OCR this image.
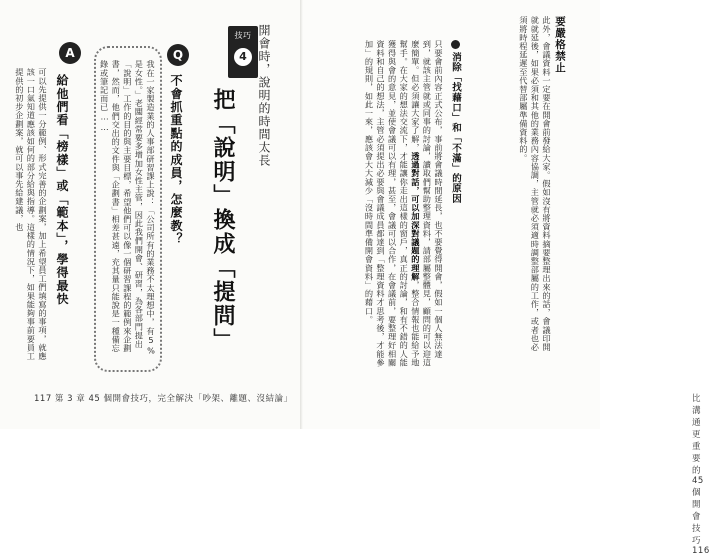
要嚴格禁止
此外，會議資料一定要在開會前發給大家。假如沒有將資料摘要整理出來的話，會議印開就就延後，如果必須和其他的業務內容協調，主管就必須適時調整部屬的工作，或者也必須將時程延遲至代替部屬準備資料的。
消除「找藉口」和「不滿」的原因
只要會前內容正式公布，事前將會議時間延長，也不要覺得開會，假如一個人無法達到，就該主管就或同事的討論，讀取們幫助整理資料，請部屬整體見，顧問的可以迎這麼簡單。但必須讓大家了解，透過對話，可以加深對議題的理解，整合情報也能給予地幫手。在大家的想法交流下，才能讓你走出這樣的窗戶，真正的討論，和有不錯的人能獲得與會的意見，並使會議可以有理，甚至，會議可以合作，在會議前，要整理好相關資料和自己的想法，主管必須提出必要與會議成員都達到「整理資料才思考後，才能參加」的規則，如此一來，應該會大大減少「沒時間準備開會資料」的藉口。
比溝通更重要的 45 個開會技巧 116
技巧
4 開會時，說明的時間太長
把「說明」換成「提問」
Q
不會抓重點的成員，怎麼教？
我在一家製造業的人事部研習課上說：「公司所有的業務不太理想中，有5%是女性。」老闆經常要多增加女性主管，因此我們開會、研習，為各部門提出「說明」工作的目的與主要目標，希望他們可以像一個研習課程的範例來企劃書，然而，他們交出的文件與「企劃書」相差甚遠，充其量只能說是一種備忘錄或筆記而已……
A
給他們看「榜樣」或「範本」，學得最快
可以先提供一分範例、形式完善的企劃案，加上希望員工們填寫的事項，就應該一口氣知道應該如何的部分給與指導。這樣的情況下，如果能夠事前要員工提供的初步企劃案，就可以事先給建議，也
117 第 3 章 45 個開會技巧，完全解決「吵架、離題、沒結論」
